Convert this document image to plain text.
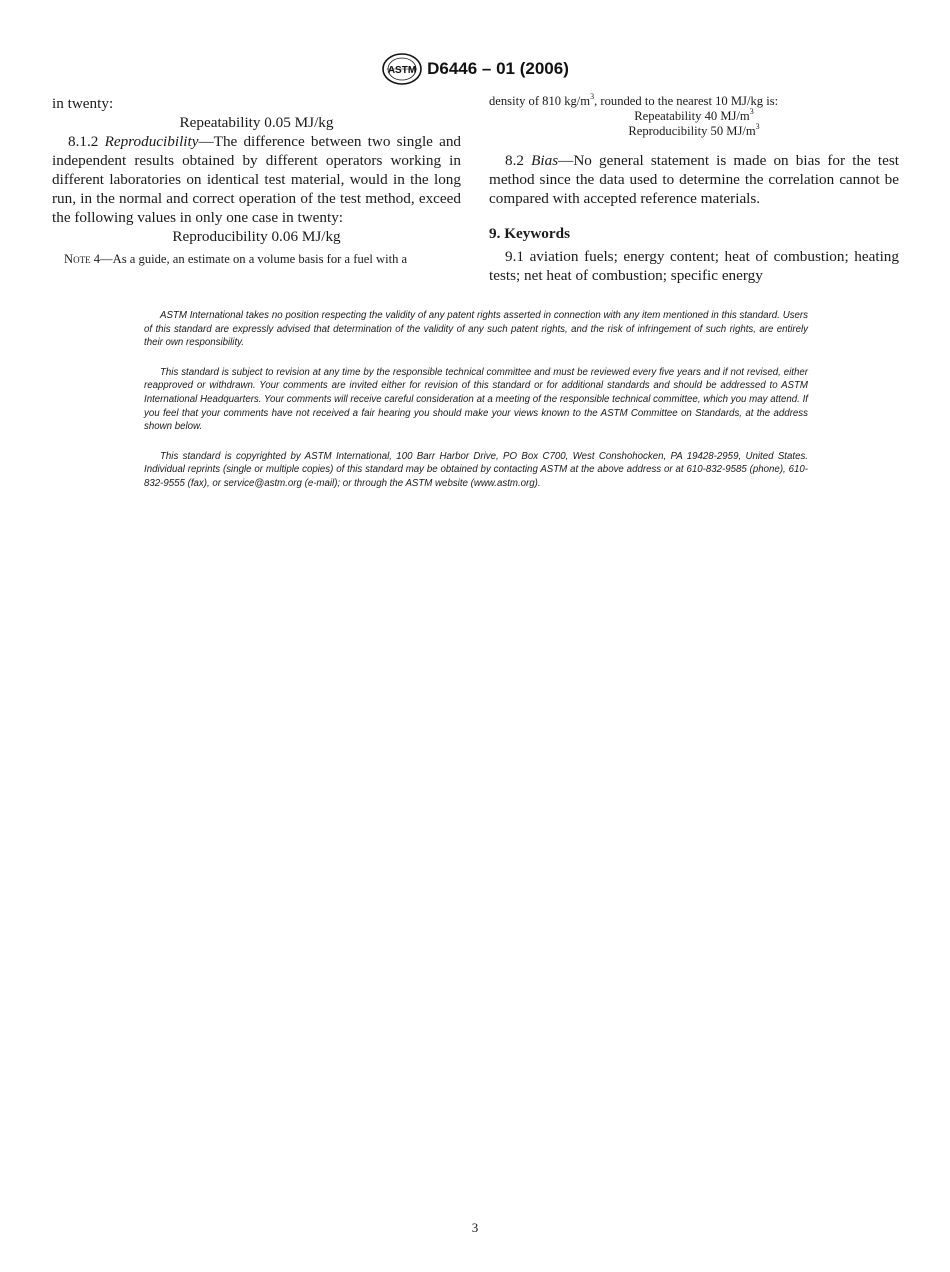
ASTM D6446 – 01 (2006)

in twenty:

Repeatability 0.05 MJ/kg

8.1.2 Reproducibility—The difference between two single and independent results obtained by different operators working in different laboratories on identical test material, would in the long run, in the normal and correct operation of the test method, exceed the following values in only one case in twenty:

Reproducibility 0.06 MJ/kg

Note 4—As a guide, an estimate on a volume basis for a fuel with a

density of 810 $kg/m^3$, rounded to the nearest 10 MJ/kg is:

Repeatability 40 $MJ/m^3$

Reproducibility 50 $MJ/m^3$

8.2 Bias—No general statement is made on bias for the test method since the data used to determine the correlation cannot be compared with accepted reference materials.

9. Keywords

9.1 aviation fuels; energy content; heat of combustion; heating tests; net heat of combustion; specific energy

ASTM International takes no position respecting the validity of any patent rights asserted in connection with any item mentioned in this standard. Users of this standard are expressly advised that determination of the validity of any such patent rights, and the risk of infringement of such rights, are entirely their own responsibility.

This standard is subject to revision at any time by the responsible technical committee and must be reviewed every five years and if not revised, either reapproved or withdrawn. Your comments are invited either for revision of this standard or for additional standards and should be addressed to ASTM International Headquarters. Your comments will receive careful consideration at a meeting of the responsible technical committee, which you may attend. If you feel that your comments have not received a fair hearing you should make your views known to the ASTM Committee on Standards, at the address shown below.

This standard is copyrighted by ASTM International, 100 Barr Harbor Drive, PO Box C700, West Conshohocken, PA 19428-2959, United States. Individual reprints (single or multiple copies) of this standard may be obtained by contacting ASTM at the above address or at 610-832-9585 (phone), 610-832-9555 (fax), or service@astm.org (e-mail); or through the ASTM website (www.astm.org).

3
